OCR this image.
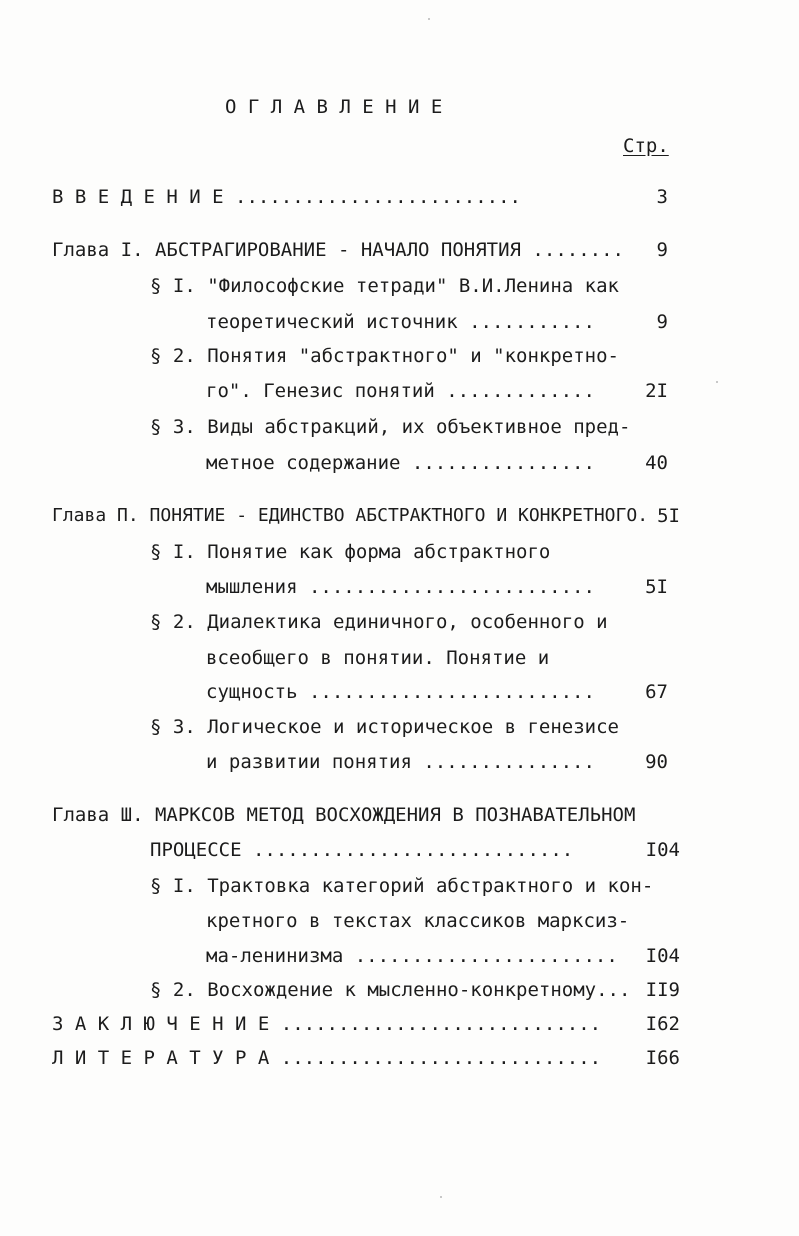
О Г Л А В Л Е Н И Е
Стр.
В В Е Д Е Н И Е .........................	3
Глава I. АБСТРАГИРОВАНИЕ - НАЧАЛО ПОНЯТИЯ ........	9
§ I. "Философские тетради" В.И.Ленина как
теоретический источник ...........	9
§ 2. Понятия "абстрактного" и "конкретно-
го". Генезис понятий .............	2I
§ 3. Виды абстракций, их объективное пред-
метное содержание ................	40
Глава П. ПОНЯТИЕ - ЕДИНСТВО АБСТРАКТНОГО И КОНКРЕТНОГО. 5I
§ I. Понятие как форма абстрактного
мышления .........................	5I
§ 2. Диалектика единичного, особенного и
всеобщего в понятии. Понятие и
сущность .........................	67
§ 3. Логическое и историческое в генезисе
и развитии понятия ...............	90
Глава Ш. МАРКСОВ МЕТОД ВОСХОЖДЕНИЯ В ПОЗНАВАТЕЛЬНОМ
ПРОЦЕССЕ ............................	I04
§ I. Трактовка категорий абстрактного и кон-
кретного в текстах классиков марксиз-
ма-ленинизма .......................	I04
§ 2. Восхождение к мысленно-конкретному... II9
З А К Л Ю Ч Е Н И Е ............................	I62
Л И Т Е Р А Т У Р А ............................	I66
